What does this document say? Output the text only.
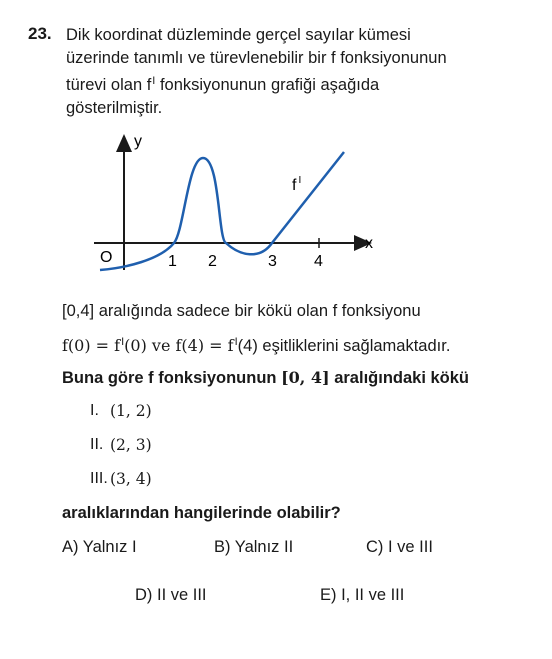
23. Dik koordinat düzleminde gerçel sayılar kümesi

üzerinde tanımlı ve türevlenebilir bir f fonksiyonunun

türevi olan $f^I$ fonksiyonunun grafiği aşağıda

gösterilmiştir.

y
x
O	1 2	3 4
f $^I$
[0,4] aralığında sadece bir kökü olan f fonksiyonu
$f(0) = f^I(0)$ ve $f(4) = f^I(4)$ eşitliklerini sağlamaktadır.
Buna göre f fonksiyonunun [0, 4] aralığındaki kökü
I. (1, 2)
II. (2, 3)
III. (3, 4)
aralıklarından hangilerinde olabilir?
A) Yalnız I	B) Yalnız II	C) I ve III
D) II ve III	E) I, II ve III
